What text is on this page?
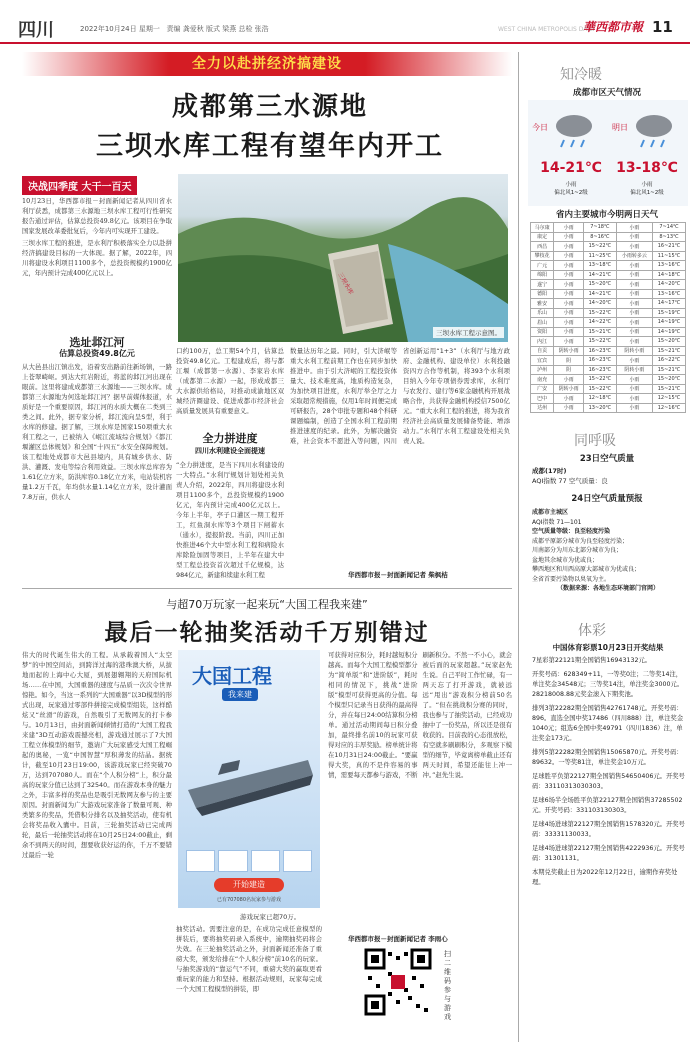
四川	2022年10月24日 星期一 责编 龚爱秋 版式 梁燕 总检 张浩	WEST CHINA METROPOLIS DAILY
華西都市報 11
全力以赴拼经济搞建设
成都第三水源地
三坝水库工程有望年内开工
决战四季度 大干一百天

10月23日，华西都市报－封面新闻记者从四川省水利厅获悉，成都第三水源地三坝水库工程可行性研究报告通过评估，估算总投资49.8亿元。该项目在争取国家发展改革委批复后，今年内可实现开工建设。

三坝水库工程的推进，是水利厅积极落实全力以赴拼经济搞建设目标的一大体现。据了解，2022年，四川将建设水利项目1100多个，总投资规模约1900亿元，年内预计完成400亿元以上。	三坝水库
三坝水库工程示意图。
选址邶江河
估算总投资49.8亿元
从大邑县出江镇出发，沿着安出路前往新场镇，一路上苍翠崎岖。到达大红岩附近，将蓝的邶江河出现在眼前。这里将建成成都第三水源地——三坝水库。成都第三水源地为何选址邶江河？据早前媒体报道，水质好是一个重要原因，邶江河的水质大概在二类到三类之间。此外，据专家分析，邶江流向呈S型，利于水库的修建。据了解，三坝水库是国家150项重大水利工程之一，已被纳入《岷江流域综合规划》《都江堰灌区总体规划》和全国“十四五”水安全保障规划。该工程地处成都市大邑县境内，具有城乡供水、防洪、灌溉、发电等综合利用效益。三坝水库总库容为1.61亿立方米，防洪库容0.18亿立方米，电站装机容量1.2万千瓦，年均供水量1.14亿立方米，设计灌面7.8万亩，供水人
口约100万，总工期54个月，估算总投资49.8亿元。工程建成后，将与都江堰（成都第一水源）、李家岩水库（成都第二水源）一起，形成成都三大水源供给格局，对推动成渝地区双城经济圈建设、促进成都市经济社会高质量发展具有重要意义。
全力拼进度
四川水利建设全面提速
“全力拼进度，是当下四川水利建设的一大特点。”水利厅规划计划处相关负责人介绍，2022年，四川将建设水利项目1100多个，总投资规模约1900亿元，年内预计完成400亿元以上。今年上半年，亭子口灌区一期工程开工，红鱼洞水库等3个项目下闸蓄水（通水），提报阶段。当前，四川正加快推进46个大中型水利工程和病险水库除险加固等项目，上半年在建大中型工程总投资首次超过千亿规模，达984亿元，新建和续建水利工程
数量达历年之最。同时，引大济岷等重大水利工程前期工作也在同步加快推进中。由于引大济岷的工程投资体量大、技术难度高，地质构造复杂，为加快项目进度，水利厅举全厅之力采取超常规措施，仅用1年时间便完成可研报告，28个审批专题和48个科研课题编制，创造了全国水利工程前期推进速度的纪录。此外，为解决融资难，社会资本不愿进入等问题，四川省创新运用“1+3”（水利厅与地方政府、金融机构、建设单位）水利投融资四方合作等机制，将393个水利项目纳入今年专项债券需求库，水利厅与农发行、建行等6家金融机构开展战略合作，共获得金融机构授信7500亿元。“重大水利工程的推进，将为我省经济社会高质量发展储备势能、增添动力。”水利厅水利工程建设处相关负责人说。
华西都市报－封面新闻记者 柴枫桔
与超70万玩家一起来玩“大国工程我来建”
最后一轮抽奖活动千万别错过
伟大的时代诞生伟大的工程。从承载着国人“太空梦”的中国空间站，到跨洋过海的港珠澳大桥，从拔地而起的上海中心大厦，到展翅翱翔的天府国际机场……在中国，大国重器的速度与品质一次次令世界惊艳。如今，当这一系列的“大国重器”以3D模型的形式出现，玩家通过零部件拼接完成模型组装，这样酷炫又“丝滑”的游戏，自然吸引了无数网友的打卡参与。10月13日，由封面新闻倾情打造的“大国工程我来建”3D互动游戏震撼亮相，游戏通过展示了7大国工程立体模型的细节，邀请广大玩家感受大国工程崛起的奥秘，一览“中国智慧”厚积薄发的结晶。据统计，截至10月23日19:00，该游戏玩家已经突破70万，达到707080人。而在“个人积分榜”上，积分最高的玩家分值已达到了32540。而在游戏本身的魅力之外，丰富多样的奖品也是吸引无数网友参与的主要原因。封面新闻为广大游戏玩家准备了数量可观、种类繁多的奖品，凭借积分排名以及抽奖活动，使有机会将奖品收入囊中。目前，三轮抽奖活动已完成两轮，最后一轮抽奖活动将在10月25日24:00截止，剩余不到两天的时间，想要收获好运的你，千万不要错过最后一轮
大国工程
我来建
开始建造
已有707080名玩家参与游戏
游戏玩家已超70万。
抽奖活动。需要注意的是，在成功完成任意模型的拼装后，要将抽奖码录入系统中，逾期抽奖码将会失效。在三轮抽奖活动之外，封面新闻还准备了重磅大奖，颁发给排在“个人积分榜”前10名的玩家。与抽奖游戏的“靠运气”不同，重磅大奖的赢取更看重玩家的能力和坚持。根据活动规则，玩家每完成一个大国工程模型的拼装，即
可获得对应积分，耗时越短积分越高。而每个大国工程模型都分为“简单版”和“进阶版”，耗时相同的情况下，挑战“进阶版”模型可获得更高的分值。每个模型只记录当日获得的最高得分，并在每日24:00结算积分榜单。通过活动期间每日积分叠加，最终排名前10的玩家可获得对应的丰厚奖励。榜单统计将在10月31日24:00截止。“要赢得大奖，真的不是件容易的事情，需要每天都参与游戏，不断刷新积分。不然一不小心，就会被后面的玩家超越。”玩家赵先生说。自己平时工作忙碌，有一两天忘了打开游戏，就被远远“甩出”游戏积分榜前50名了。“但在挑战积分赛的同时，我也参与了抽奖活动，已经成功抽中了一份奖品，所以还是很有收获的。目前我的心态很放松，有空就多刷刷积分，多观察下模型的细节，毕竟离榜单截止还有两天时间，希望还能往上冲一冲。”赵先生说。
华西都市报－封面新闻记者 李雨心
扫二维码参与游戏
知冷暖
成都市区天气情况
今日	明日
14-21℃
小雨
偏北风1~2级
13-18℃
小雨
偏北风1~2级
省内主要城市今明两日天气
马尔康	小雨	7~18℃	小雨	7~14℃
康定	小雨	8~16℃	小雨	8~13℃
西昌	小雨	15~22℃	小雨	16~21℃
攀枝花	小雨	11~25℃	小雨转多云	11~15℃
广元	小雨	13~18℃	小雨	13~16℃
绵阳	小雨	14~21℃	小雨	14~18℃
遂宁	小雨	15~20℃	小雨	14~20℃
德阳	小雨	14~21℃	小雨	13~16℃
雅安	小雨	14~20℃	小雨	14~17℃
乐山	小雨	15~22℃	小雨	15~19℃
眉山	小雨	14~22℃	小雨	14~19℃
资阳	小雨	15~21℃	小雨	14~19℃
内江	小雨	15~22℃	小雨	15~20℃
自贡	阴转小雨	16~23℃	阴转小雨	15~21℃
宜宾	阴	16~23℃	小雨	16~22℃
泸州	阴	16~23℃	阴转小雨	15~21℃
南充	小雨	15~22℃	小雨	15~20℃
广安	阴转小雨	15~22℃	小雨	15~21℃
巴中	小雨	12~18℃	小雨	12~15℃
达州	小雨	13~20℃	小雨	12~16℃
同呼吸
23日空气质量
成都(17时)
AQI指数 77 空气质量：良
24日空气质量预报
成都市主城区
AQI指数 71—101
空气质量等级：良至轻度污染
成都平原部分城市为良至轻度污染；
川南部分为川东北部分城市为良；
盆地其余城市为优或良；
攀西地区和川西高原大部城市为优或良；
全省首要污染物以臭氧为主。
（数据来源：各地生态环境部门官网）
体彩
中国体育彩票10月23日开奖结果

7星彩第22121期全国销售16943132元。

开奖号码：628349+11，一等奖0注；二等奖14注，单注奖金34548元；三等奖14注，单注奖金3000元。28218008.88元奖金滚入下期奖池。

排列3第22282期全国销售42761748元。开奖号码：896。直选全国中奖17486（四川888）注，单注奖金1040元；组选6全国中奖49791（四川1836）注，单注奖金173元。

排列5第22282期全国销售15065870元。开奖号码：89632。一等奖81注，单注奖金10万元。

足球胜平负第22127期全国销售54650406元。开奖号码：33110313030303。

足球6场半全场胜平负第22127期全国销售37285502元。开奖号码：331103130303。

足球4场进球第22127期全国销售1578320元。开奖号码：33331130033。

足球4场进球第22127期全国销售4222936元。开奖号码：31301131。

本期兑奖截止日为2022年12月22日，逾期作弃奖处理。
